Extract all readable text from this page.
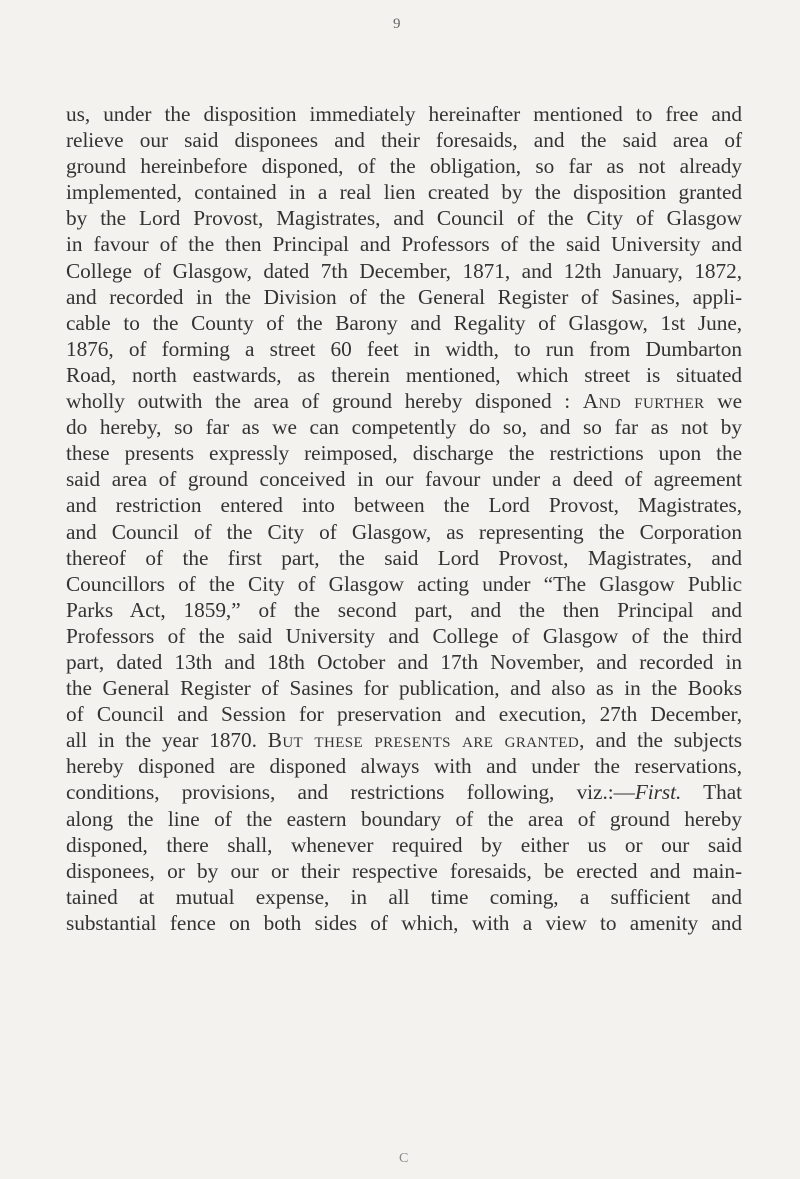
9
us, under the disposition immediately hereinafter mentioned to free and
relieve our said disponees and their foresaids, and the said area of
ground hereinbefore disponed, of the obligation, so far as not already
implemented, contained in a real lien created by the disposition granted
by the Lord Provost, Magistrates, and Council of the City of Glasgow
in favour of the then Principal and Professors of the said University and
College of Glasgow, dated 7th December, 1871, and 12th January, 1872,
and recorded in the Division of the General Register of Sasines, appli-
cable to the County of the Barony and Regality of Glasgow, 1st June,
1876, of forming a street 60 feet in width, to run from Dumbarton
Road, north eastwards, as therein mentioned, which street is situated
wholly outwith the area of ground hereby disponed : And further we
do hereby, so far as we can competently do so, and so far as not by
these presents expressly reimposed, discharge the restrictions upon the
said area of ground conceived in our favour under a deed of agreement
and restriction entered into between the Lord Provost, Magistrates,
and Council of the City of Glasgow, as representing the Corporation
thereof of the first part, the said Lord Provost, Magistrates, and
Councillors of the City of Glasgow acting under “The Glasgow Public
Parks Act, 1859,” of the second part, and the then Principal and
Professors of the said University and College of Glasgow of the third
part, dated 13th and 18th October and 17th November, and recorded in
the General Register of Sasines for publication, and also as in the Books
of Council and Session for preservation and execution, 27th December,
all in the year 1870. But these presents are granted, and the subjects
hereby disponed are disponed always with and under the reservations,
conditions, provisions, and restrictions following, viz.:—First. That
along the line of the eastern boundary of the area of ground hereby
disponed, there shall, whenever required by either us or our said
disponees, or by our or their respective foresaids, be erected and main-
tained at mutual expense, in all time coming, a sufficient and
substantial fence on both sides of which, with a view to amenity and
C
